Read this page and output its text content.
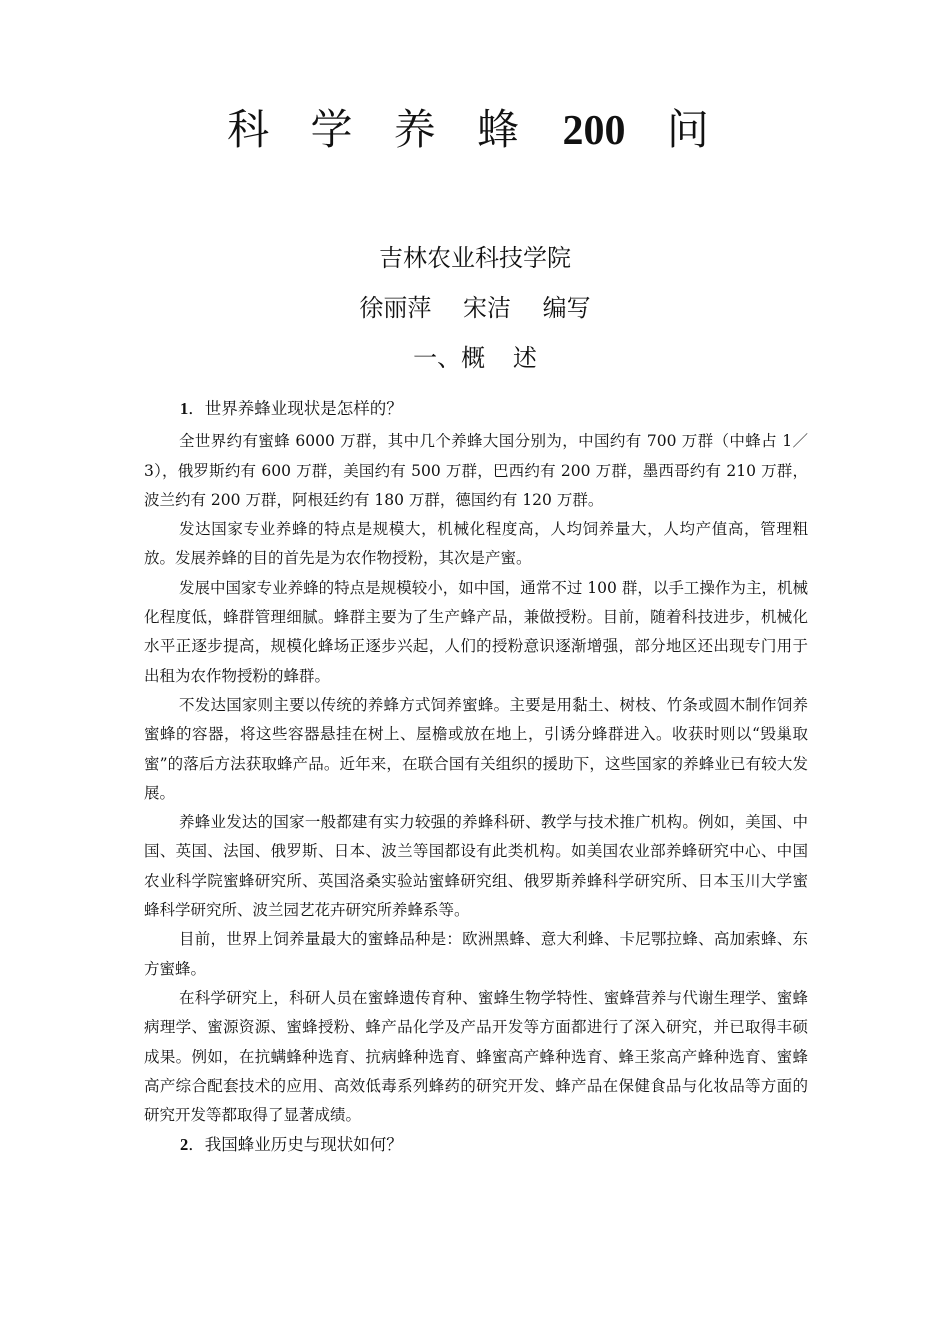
科 学 养 蜂 200 问
吉林农业科技学院
徐丽萍 宋洁 编写
一、概 述
1．世界养蜂业现状是怎样的？

全世界约有蜜蜂 6000 万群，其中几个养蜂大国分别为，中国约有 700 万群（中蜂占 1／3），俄罗斯约有 600 万群，美国约有 500 万群，巴西约有 200 万群，墨西哥约有 210 万群，波兰约有 200 万群，阿根廷约有 180 万群，德国约有 120 万群。

发达国家专业养蜂的特点是规模大，机械化程度高，人均饲养量大，人均产值高，管理粗放。发展养蜂的目的首先是为农作物授粉，其次是产蜜。

发展中国家专业养蜂的特点是规模较小，如中国，通常不过 100 群，以手工操作为主，机械化程度低，蜂群管理细腻。蜂群主要为了生产蜂产品，兼做授粉。目前，随着科技进步，机械化水平正逐步提高，规模化蜂场正逐步兴起，人们的授粉意识逐渐增强，部分地区还出现专门用于出租为农作物授粉的蜂群。

不发达国家则主要以传统的养蜂方式饲养蜜蜂。主要是用黏土、树枝、竹条或圆木制作饲养蜜蜂的容器，将这些容器悬挂在树上、屋檐或放在地上，引诱分蜂群进入。收获时则以“毁巢取蜜”的落后方法获取蜂产品。近年来，在联合国有关组织的援助下，这些国家的养蜂业已有较大发展。

养蜂业发达的国家一般都建有实力较强的养蜂科研、教学与技术推广机构。例如，美国、中国、英国、法国、俄罗斯、日本、波兰等国都设有此类机构。如美国农业部养蜂研究中心、中国农业科学院蜜蜂研究所、英国洛桑实验站蜜蜂研究组、俄罗斯养蜂科学研究所、日本玉川大学蜜蜂科学研究所、波兰园艺花卉研究所养蜂系等。

目前，世界上饲养量最大的蜜蜂品种是：欧洲黑蜂、意大利蜂、卡尼鄂拉蜂、高加索蜂、东方蜜蜂。

在科学研究上，科研人员在蜜蜂遗传育种、蜜蜂生物学特性、蜜蜂营养与代谢生理学、蜜蜂病理学、蜜源资源、蜜蜂授粉、蜂产品化学及产品开发等方面都进行了深入研究，并已取得丰硕成果。例如，在抗螨蜂种选育、抗病蜂种选育、蜂蜜高产蜂种选育、蜂王浆高产蜂种选育、蜜蜂高产综合配套技术的应用、高效低毒系列蜂药的研究开发、蜂产品在保健食品与化妆品等方面的研究开发等都取得了显著成绩。

2．我国蜂业历史与现状如何？
